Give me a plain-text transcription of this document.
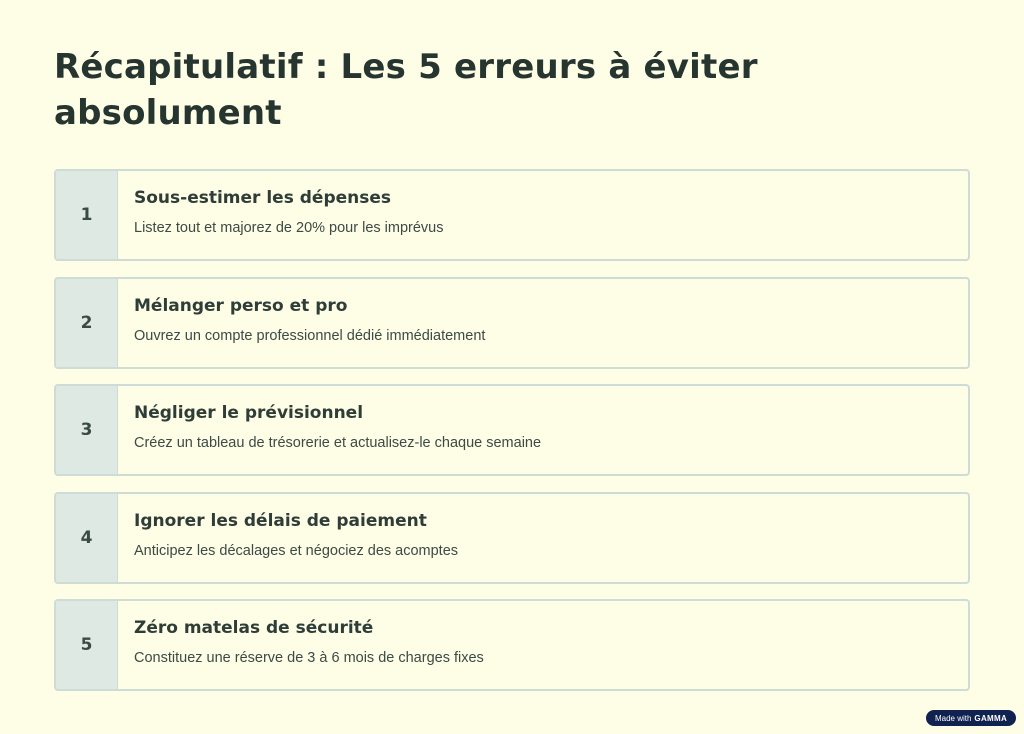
Récapitulatif : Les 5 erreurs à éviter absolument
1
Sous-estimer les dépenses
Listez tout et majorez de 20% pour les imprévus
2
Mélanger perso et pro
Ouvrez un compte professionnel dédié immédiatement
3
Négliger le prévisionnel
Créez un tableau de trésorerie et actualisez-le chaque semaine
4
Ignorer les délais de paiement
Anticipez les décalages et négociez des acomptes
5
Zéro matelas de sécurité
Constituez une réserve de 3 à 6 mois de charges fixes
Made with GAMMA
